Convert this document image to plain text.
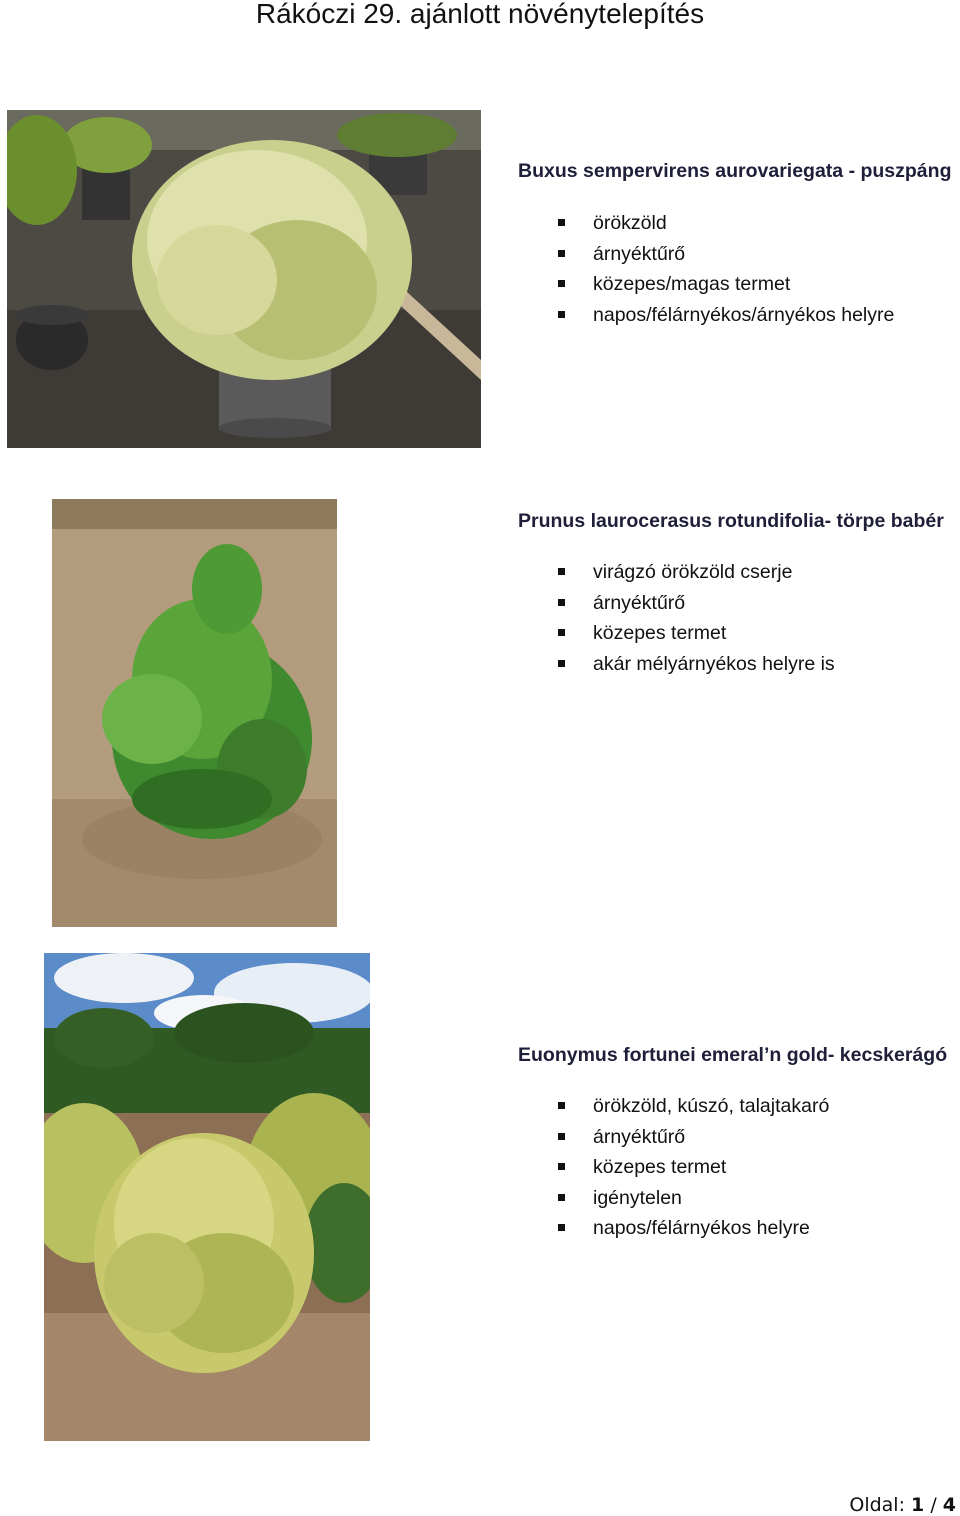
Rákóczi 29. ajánlott növénytelepítés
Buxus sempervirens aurovariegata - puszpáng
örökzöld
árnyéktűrő
közepes/magas termet
napos/félárnyékos/árnyékos helyre
Prunus laurocerasus rotundifolia- törpe babér
virágzó örökzöld cserje
árnyéktűrő
közepes termet
akár mélyárnyékos helyre is
Euonymus fortunei emeral’n gold- kecskerágó
örökzöld, kúszó, talajtakaró
árnyéktűrő
közepes termet
igénytelen
napos/félárnyékos helyre
Oldal: 1 / 4
